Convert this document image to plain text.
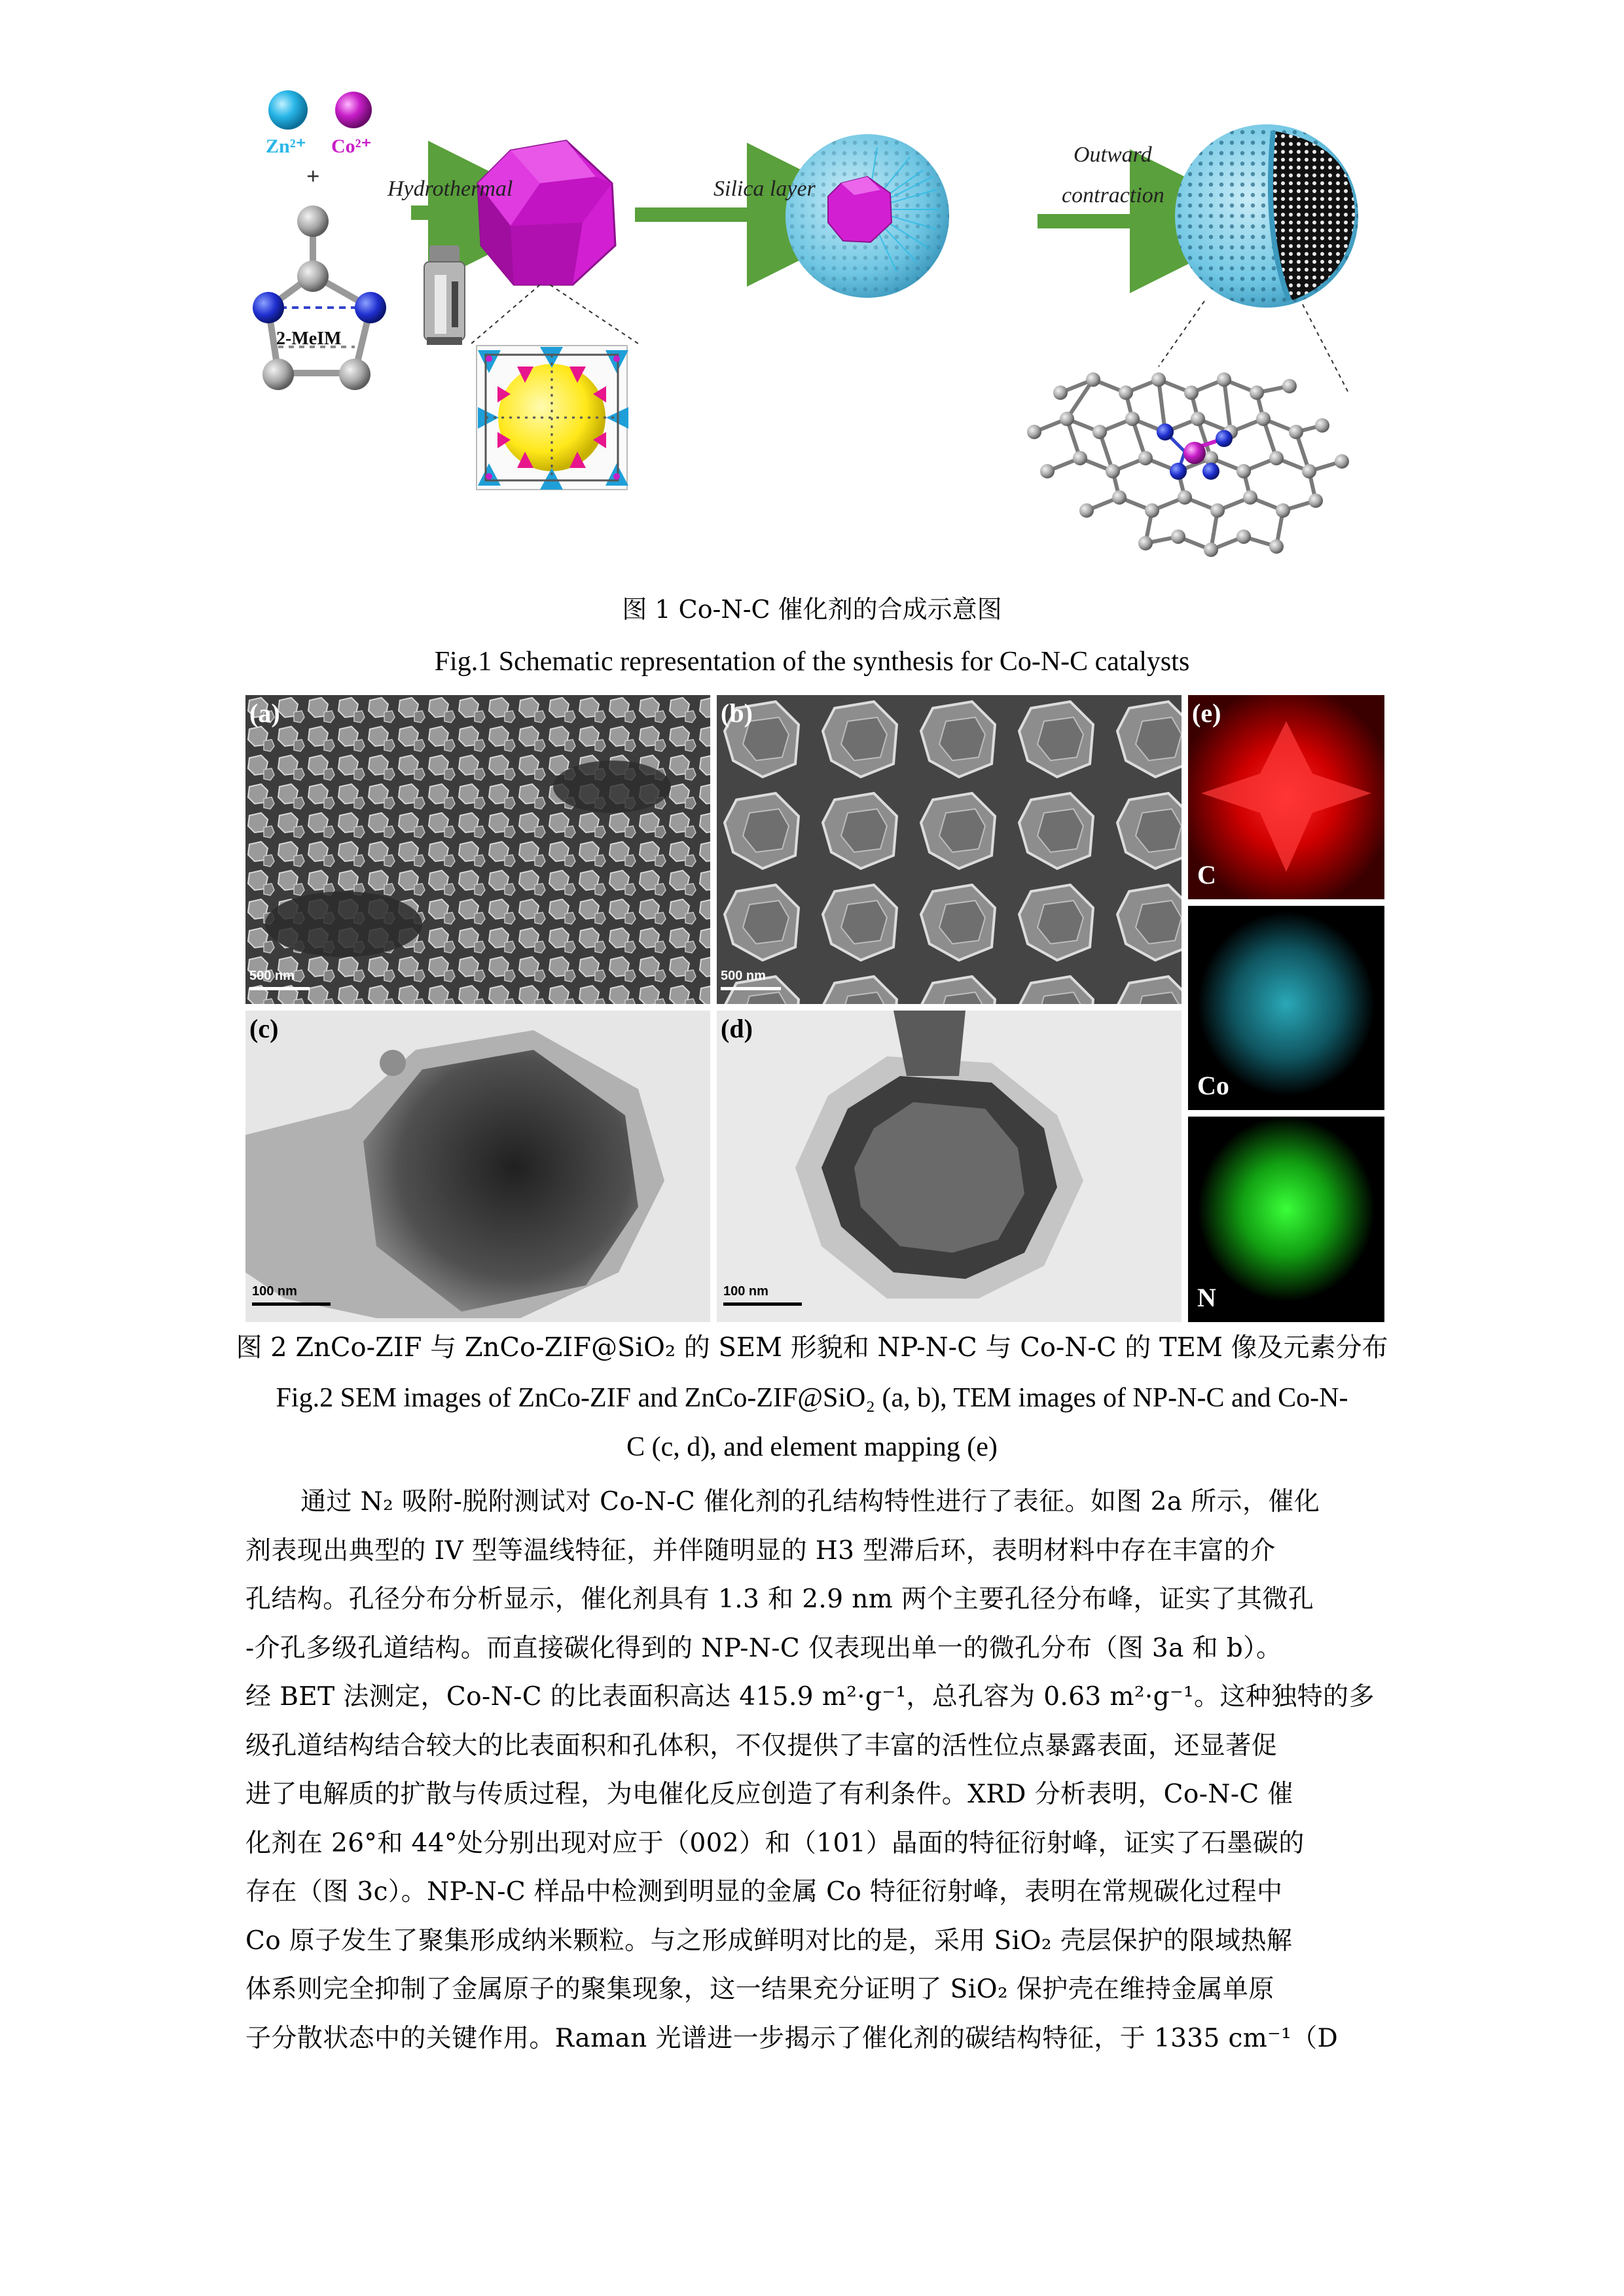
Zn²⁺ Co²⁺
+
2-MeIM
Hydrothermal	Silica layer
Outward
contraction
图 1 Co-N-C 催化剂的合成示意图
Fig.1 Schematic representation of the synthesis for Co-N-C catalysts
(a)
500 nm
(b)
500 nm
(c)
100 nm
(d)
100 nm
(e)
C
Co
N
图 2 ZnCo-ZIF 与 ZnCo-ZIF@SiO₂ 的 SEM 形貌和 NP-N-C 与 Co-N-C 的 TEM 像及元素分布
Fig.2 SEM images of ZnCo-ZIF and ZnCo-ZIF@SiO₂ (a, b), TEM images of NP-N-C and Co-N-
C (c, d), and element mapping (e)
通过 N₂ 吸附-脱附测试对 Co-N-C 催化剂的孔结构特性进行了表征。如图 2a 所示，催化
剂表现出典型的 IV 型等温线特征，并伴随明显的 H3 型滞后环，表明材料中存在丰富的介
孔结构。孔径分布分析显示，催化剂具有 1.3 和 2.9 nm 两个主要孔径分布峰，证实了其微孔
-介孔多级孔道结构。而直接碳化得到的 NP-N-C 仅表现出单一的微孔分布（图 3a 和 b）。
经 BET 法测定，Co-N-C 的比表面积高达 415.9 m²·g⁻¹，总孔容为 0.63 m²·g⁻¹。这种独特的多
级孔道结构结合较大的比表面积和孔体积，不仅提供了丰富的活性位点暴露表面，还显著促
进了电解质的扩散与传质过程，为电催化反应创造了有利条件。XRD 分析表明，Co-N-C 催
化剂在 26°和 44°处分别出现对应于（002）和（101）晶面的特征衍射峰，证实了石墨碳的
存在（图 3c）。NP-N-C 样品中检测到明显的金属 Co 特征衍射峰，表明在常规碳化过程中
Co 原子发生了聚集形成纳米颗粒。与之形成鲜明对比的是，采用 SiO₂ 壳层保护的限域热解
体系则完全抑制了金属原子的聚集现象，这一结果充分证明了 SiO₂ 保护壳在维持金属单原
子分散状态中的关键作用。Raman 光谱进一步揭示了催化剂的碳结构特征，于 1335 cm⁻¹（D
